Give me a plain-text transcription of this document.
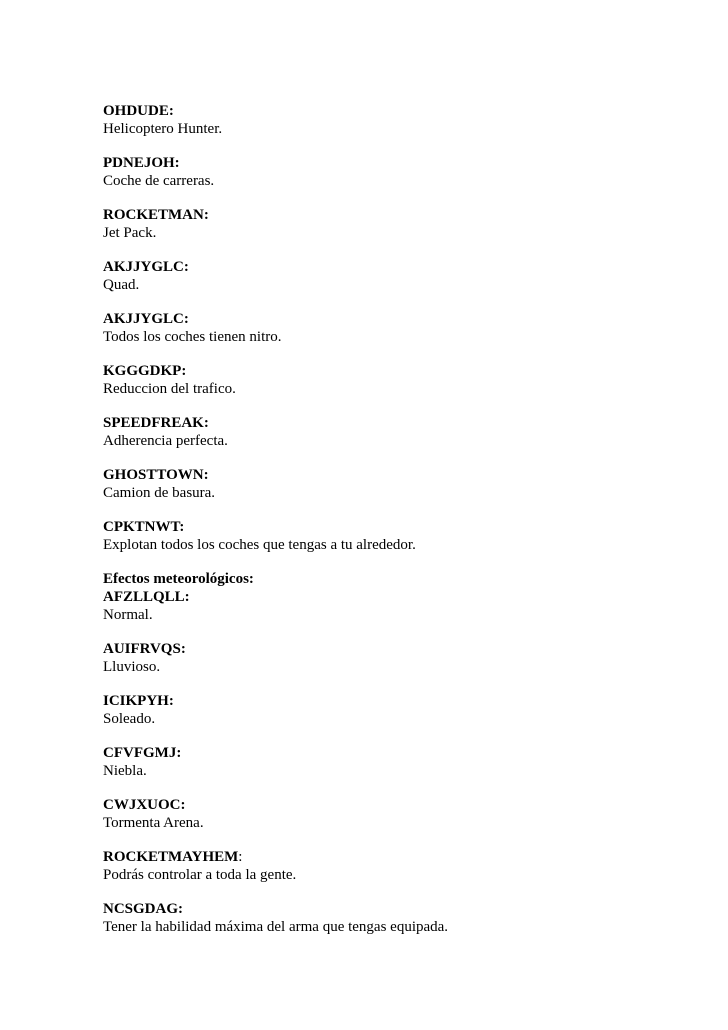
OHDUDE:
Helicoptero Hunter.
PDNEJOH:
Coche de carreras.
ROCKETMAN:
Jet Pack.
AKJJYGLC:
Quad.
AKJJYGLC:
Todos los coches tienen nitro.
KGGGDKP:
Reduccion del trafico.
SPEEDFREAK:
Adherencia perfecta.
GHOSTTOWN:
Camion de basura.
CPKTNWT:
Explotan todos los coches que tengas a tu alrededor.
Efectos meteorológicos:
AFZLLQLL:
Normal.
AUIFRVQS:
Lluvioso.
ICIKPYH:
Soleado.
CFVFGMJ:
Niebla.
CWJXUOC:
Tormenta Arena.
ROCKETMAYHEM:
Podrás controlar a toda la gente.
NCSGDAG:
Tener la habilidad máxima del arma que tengas equipada.
